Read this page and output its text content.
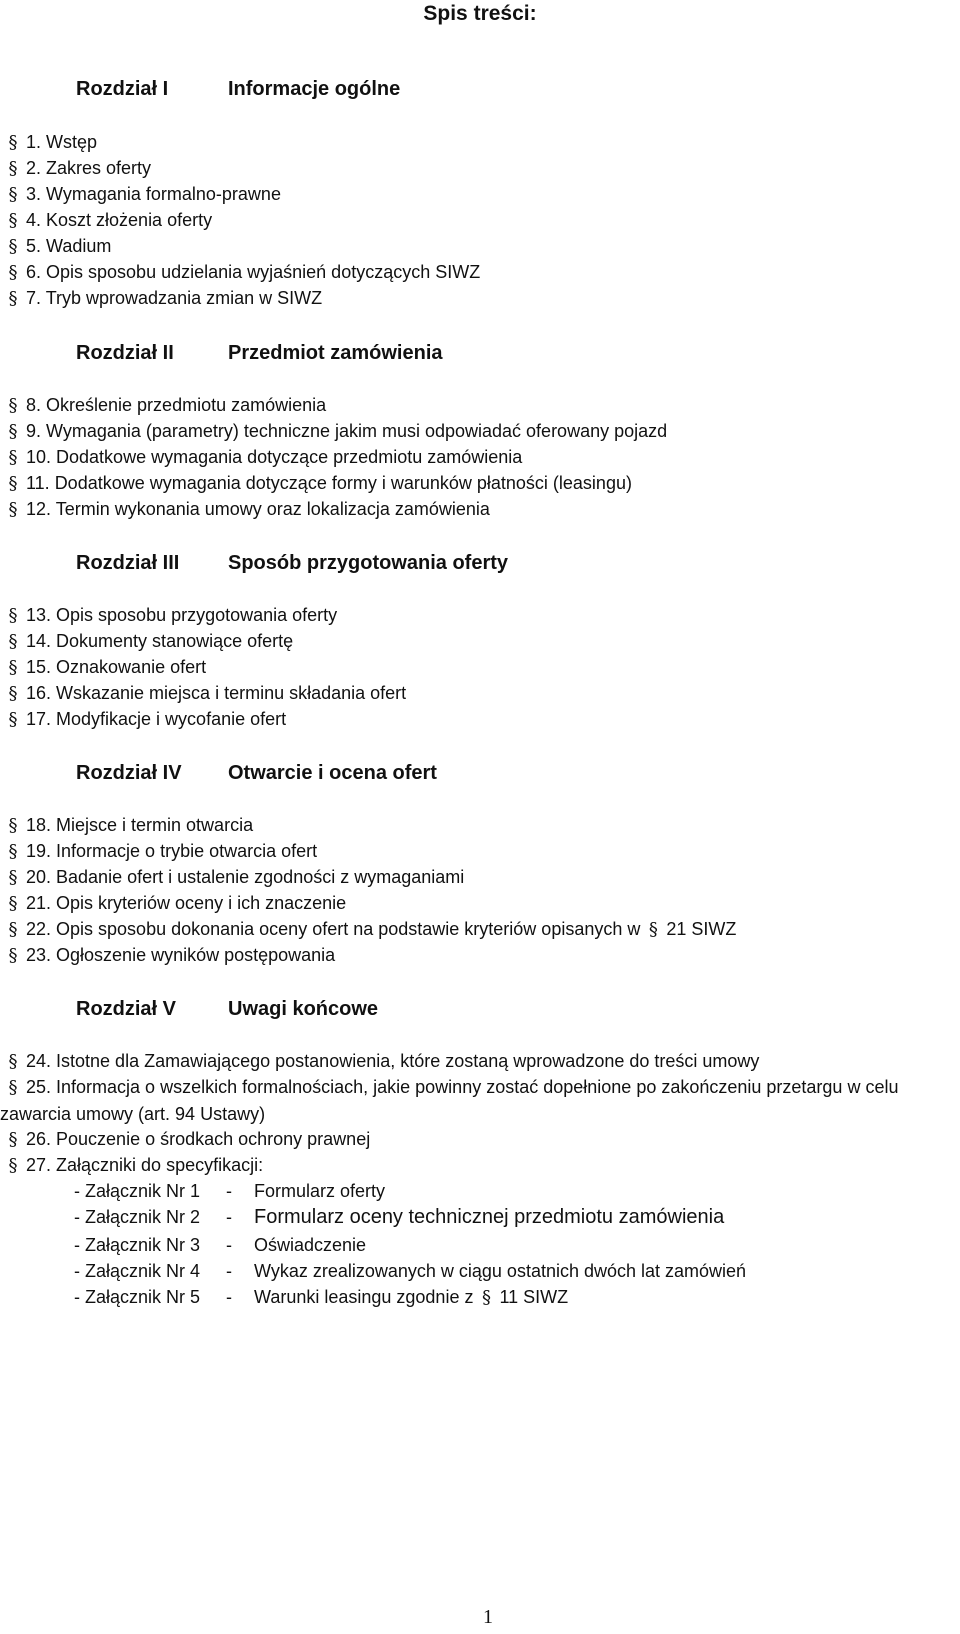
Spis treści:
Rozdział I	Informacje ogólne
§ 1. Wstęp
§ 2. Zakres oferty
§ 3. Wymagania formalno-prawne
§ 4. Koszt złożenia oferty
§ 5. Wadium
§ 6. Opis sposobu udzielania wyjaśnień dotyczących SIWZ
§ 7. Tryb wprowadzania zmian w SIWZ
Rozdział II	Przedmiot zamówienia
§ 8. Określenie przedmiotu zamówienia
§ 9. Wymagania (parametry) techniczne jakim musi odpowiadać oferowany pojazd
§ 10. Dodatkowe wymagania dotyczące przedmiotu zamówienia
§ 11. Dodatkowe wymagania dotyczące formy i warunków płatności (leasingu)
§ 12. Termin wykonania umowy oraz lokalizacja zamówienia
Rozdział III Sposób przygotowania oferty
§ 13. Opis sposobu przygotowania oferty
§ 14. Dokumenty stanowiące ofertę
§ 15. Oznakowanie ofert
§ 16. Wskazanie miejsca i terminu składania ofert
§ 17. Modyfikacje i wycofanie ofert
Rozdział IV Otwarcie i ocena ofert
§ 18. Miejsce i termin otwarcia
§ 19. Informacje o trybie otwarcia ofert
§ 20. Badanie ofert i ustalenie zgodności z wymaganiami
§ 21. Opis kryteriów oceny i ich znaczenie
§ 22. Opis sposobu dokonania oceny ofert na podstawie kryteriów opisanych w § 21 SIWZ
§ 23. Ogłoszenie wyników postępowania
Rozdział V	Uwagi końcowe
§ 24. Istotne dla Zamawiającego postanowienia, które zostaną wprowadzone do treści umowy
§ 25. Informacja o wszelkich formalnościach, jakie powinny zostać dopełnione po zakończeniu przetargu w celu zawarcia umowy (art. 94 Ustawy)
§ 26. Pouczenie o środkach ochrony prawnej
§ 27. Załączniki do specyfikacji:
- Załącznik Nr 1 - Formularz oferty
- Załącznik Nr 2 - Formularz oceny technicznej przedmiotu zamówienia
- Załącznik Nr 3 - Oświadczenie
- Załącznik Nr 4 - Wykaz zrealizowanych w ciągu ostatnich dwóch lat zamówień
- Załącznik Nr 5 - Warunki leasingu zgodnie z § 11 SIWZ
1
